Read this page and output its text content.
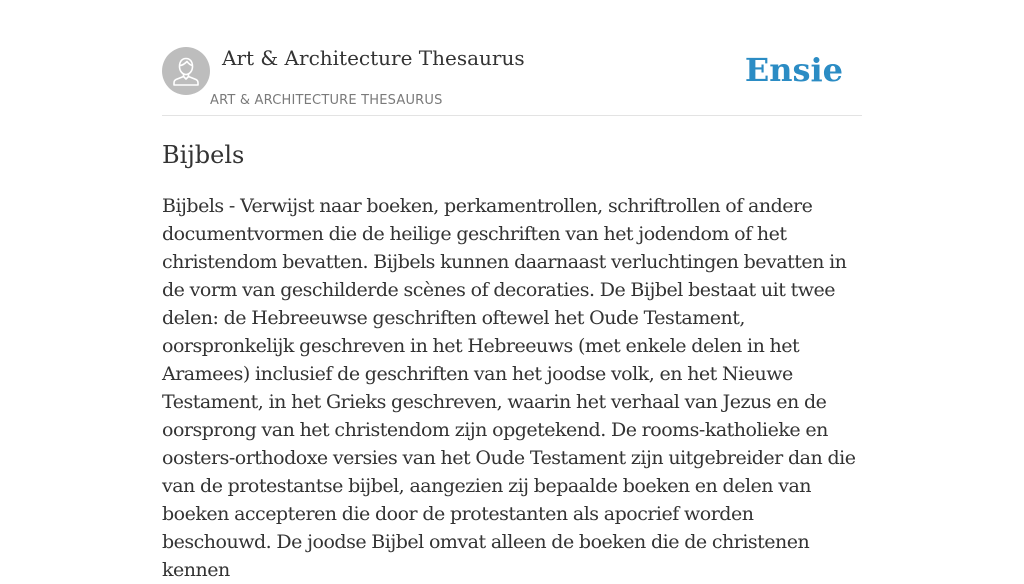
Art & Architecture Thesaurus
ART & ARCHITECTURE THESAURUS
Ensie
Bijbels

Bijbels - Verwijst naar boeken, perkamentrollen, schriftrollen of andere documentvormen die de heilige geschriften van het jodendom of het christendom bevatten. Bijbels kunnen daarnaast verluchtingen bevatten in de vorm van geschilderde scènes of decoraties. De Bijbel bestaat uit twee delen: de Hebreeuwse geschriften oftewel het Oude Testament, oorspronkelijk geschreven in het Hebreeuws (met enkele delen in het Aramees) inclusief de geschriften van het joodse volk, en het Nieuwe Testament, in het Grieks geschreven, waarin het verhaal van Jezus en de oorsprong van het christendom zijn opgetekend. De rooms-katholieke en oosters-orthodoxe versies van het Oude Testament zijn uitgebreider dan die van de protestantse bijbel, aangezien zij bepaalde boeken en delen van boeken accepteren die door de protestanten als apocrief worden beschouwd. De joodse Bijbel omvat alleen de boeken die de christenen kennen
